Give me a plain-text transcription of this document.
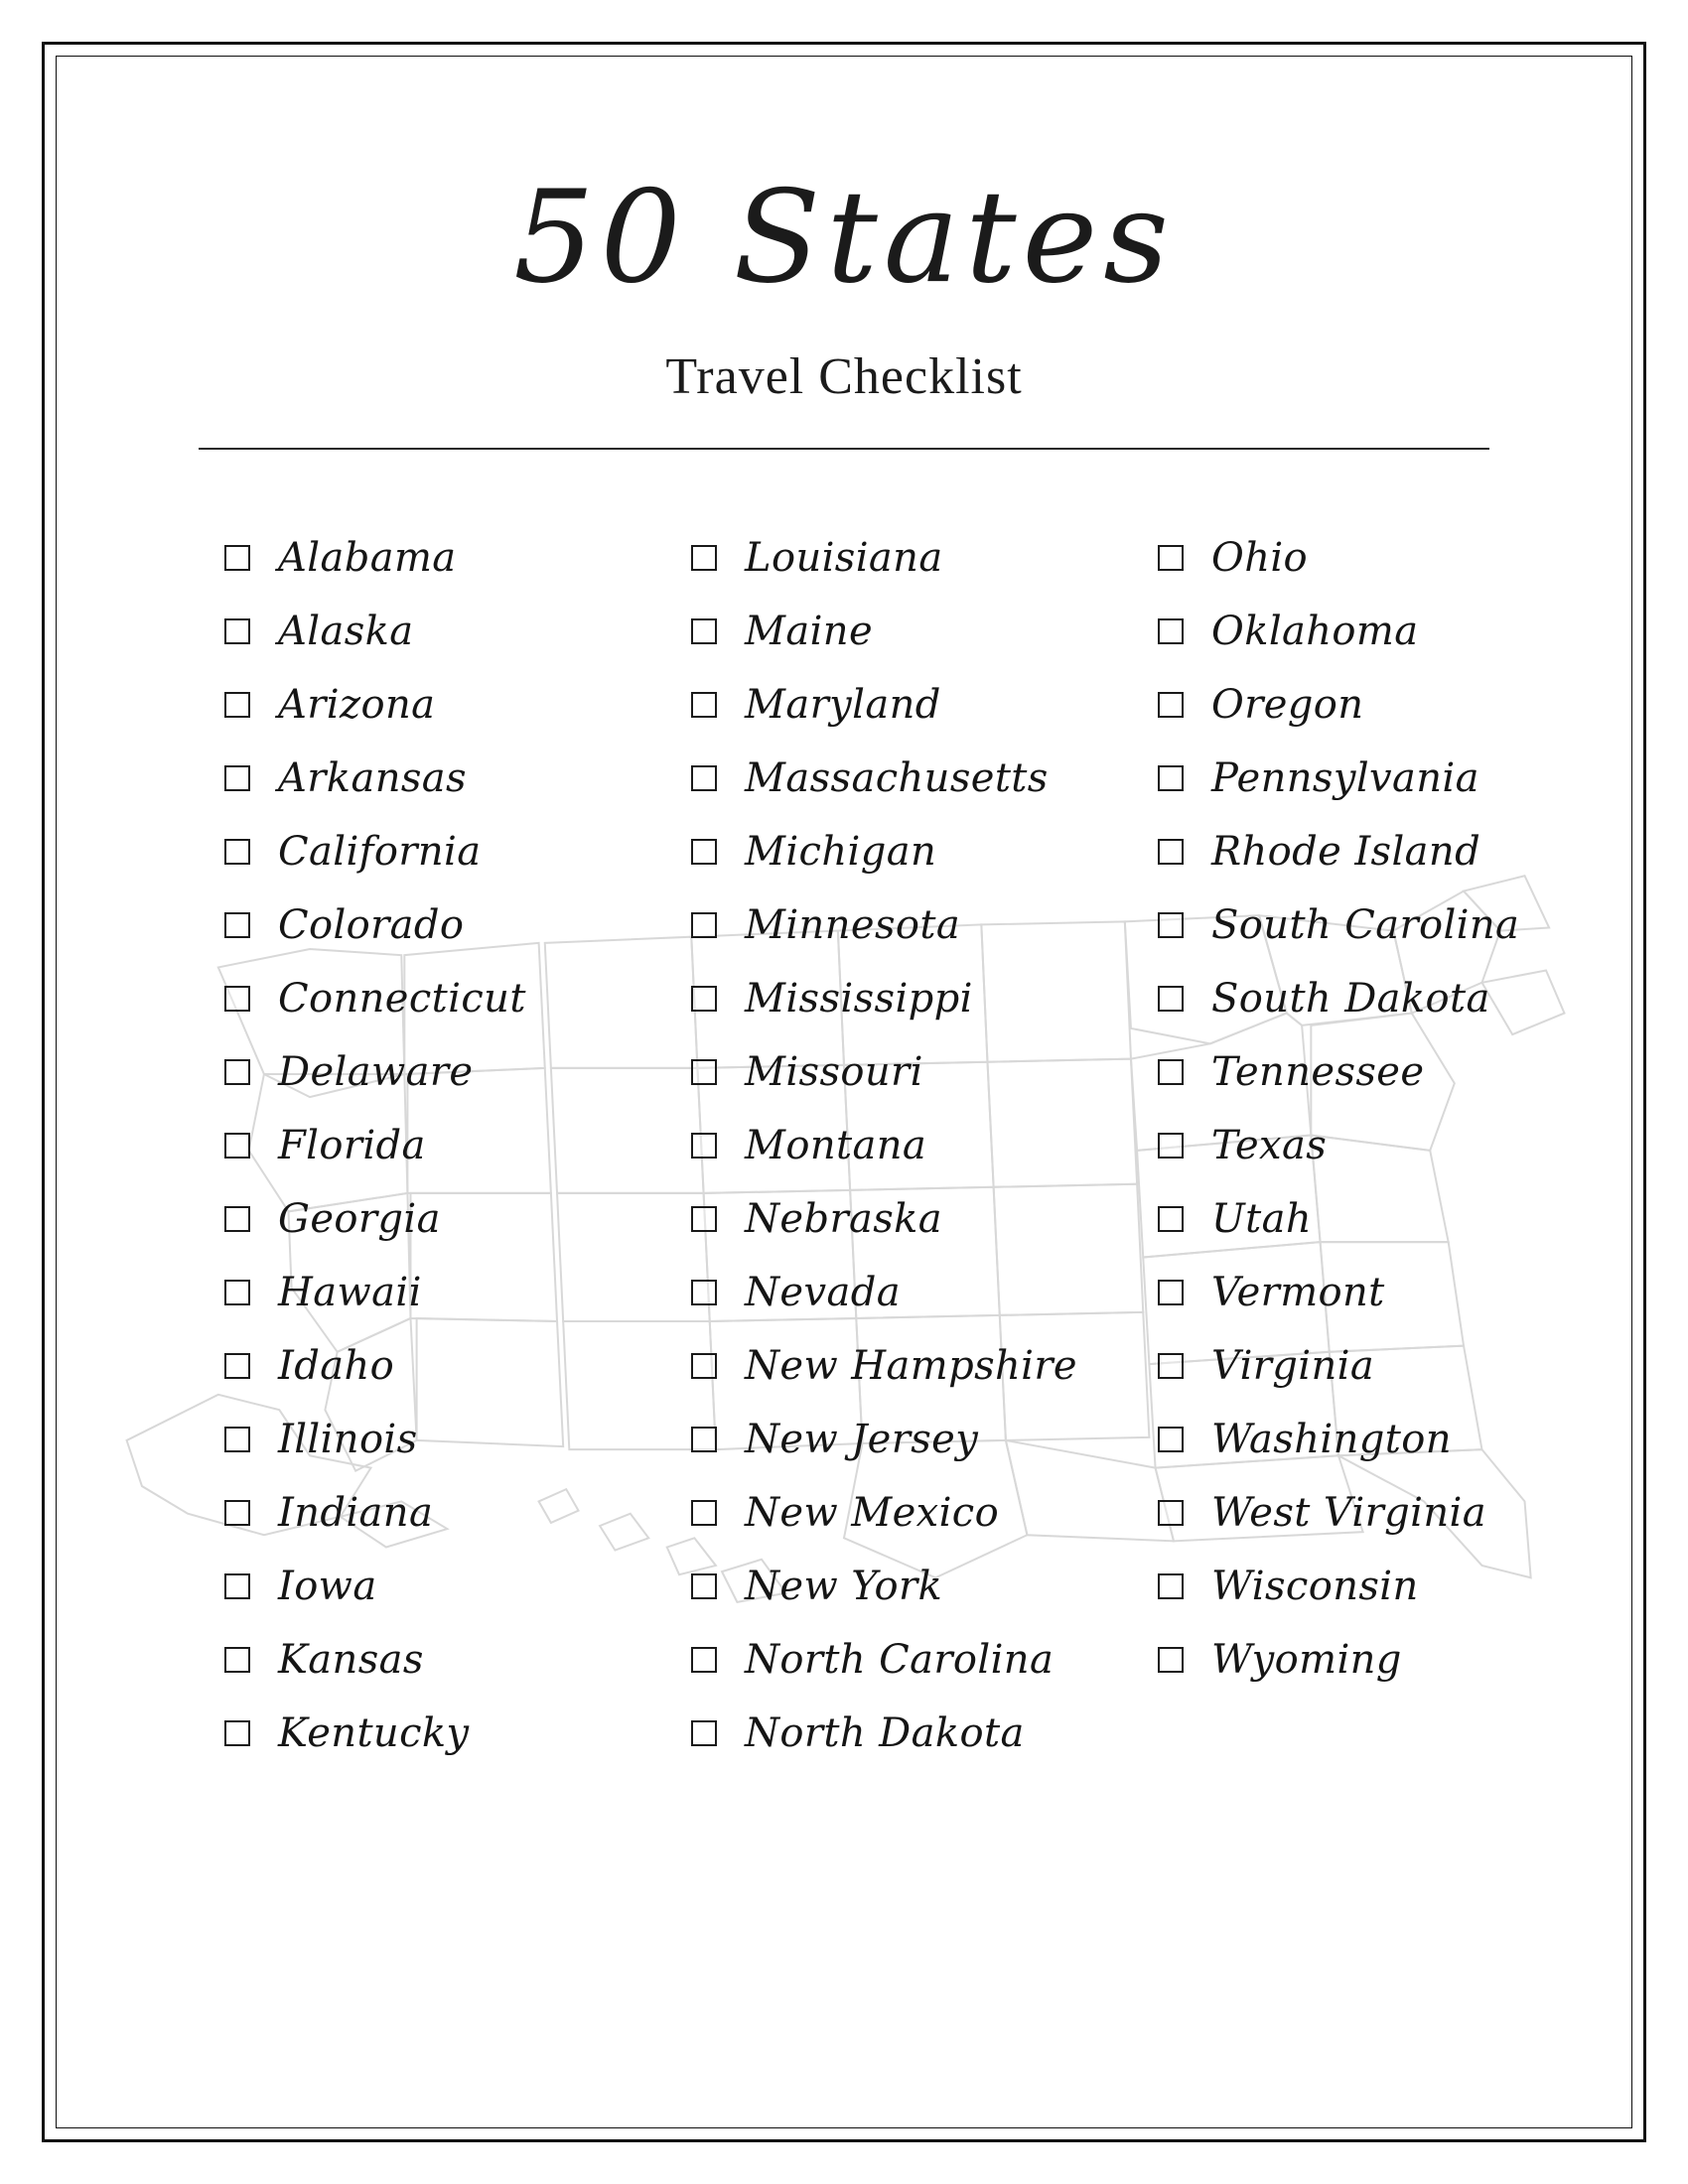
50 States
Travel Checklist
Alabama
Alaska
Arizona
Arkansas
California
Colorado
Connecticut
Delaware
Florida
Georgia
Hawaii
Idaho
Illinois
Indiana
Iowa
Kansas
Kentucky
Louisiana
Maine
Maryland
Massachusetts
Michigan
Minnesota
Mississippi
Missouri
Montana
Nebraska
Nevada
New Hampshire
New Jersey
New Mexico
New York
North Carolina
North Dakota
Ohio
Oklahoma
Oregon
Pennsylvania
Rhode Island
South Carolina
South Dakota
Tennessee
Texas
Utah
Vermont
Virginia
Washington
West Virginia
Wisconsin
Wyoming
